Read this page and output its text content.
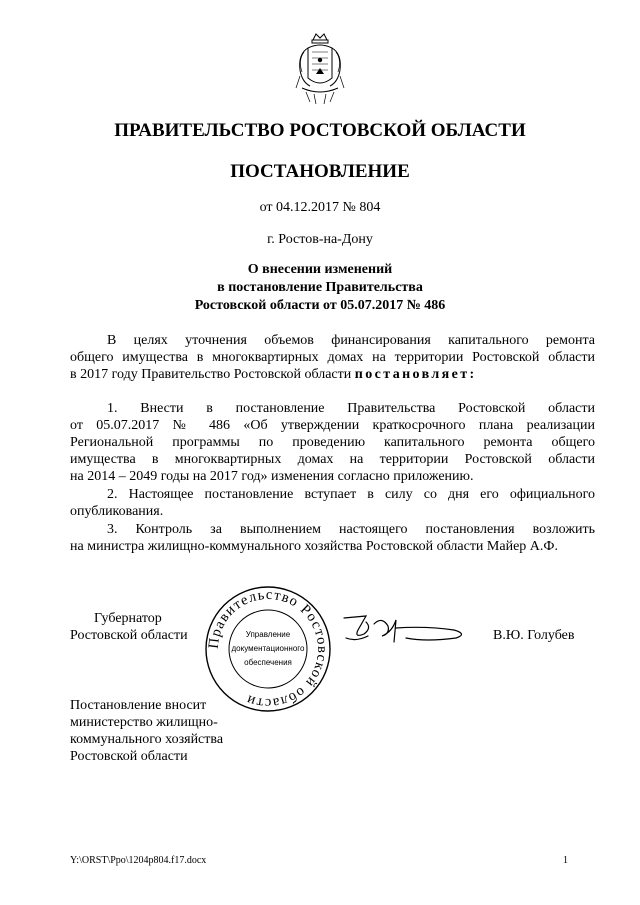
ПРАВИТЕЛЬСТВО РОСТОВСКОЙ ОБЛАСТИ
ПОСТАНОВЛЕНИЕ
от 04.12.2017 № 804
г. Ростов-на-Дону
О внесении изменений
в постановление Правительства
Ростовской области от 05.07.2017 № 486
В целях уточнения объемов финансирования капитального ремонта
общего имущества в многоквартирных домах на территории Ростовской области
в 2017 году Правительство Ростовской области постановляет:
1. Внести в постановление Правительства Ростовской области
от 05.07.2017 № 486 «Об утверждении краткосрочного плана реализации
Региональной программы по проведению капитального ремонта общего
имущества в многоквартирных домах на территории Ростовской области
на 2014 – 2049 годы на 2017 год» изменения согласно приложению.
2. Настоящее постановление вступает в силу со дня его официального
опубликования.
3. Контроль за выполнением настоящего постановления возложить
на министра жилищно-коммунального хозяйства Ростовской области Майер А.Ф.
Губернатор
Ростовской области	В.Ю. Голубев
Правительство Ростовской области
Управление
документационного
обеспечения
Постановление вносит
министерство жилищно-
коммунального хозяйства
Ростовской области
Y:\ORST\Ppo\1204p804.f17.docx	1
